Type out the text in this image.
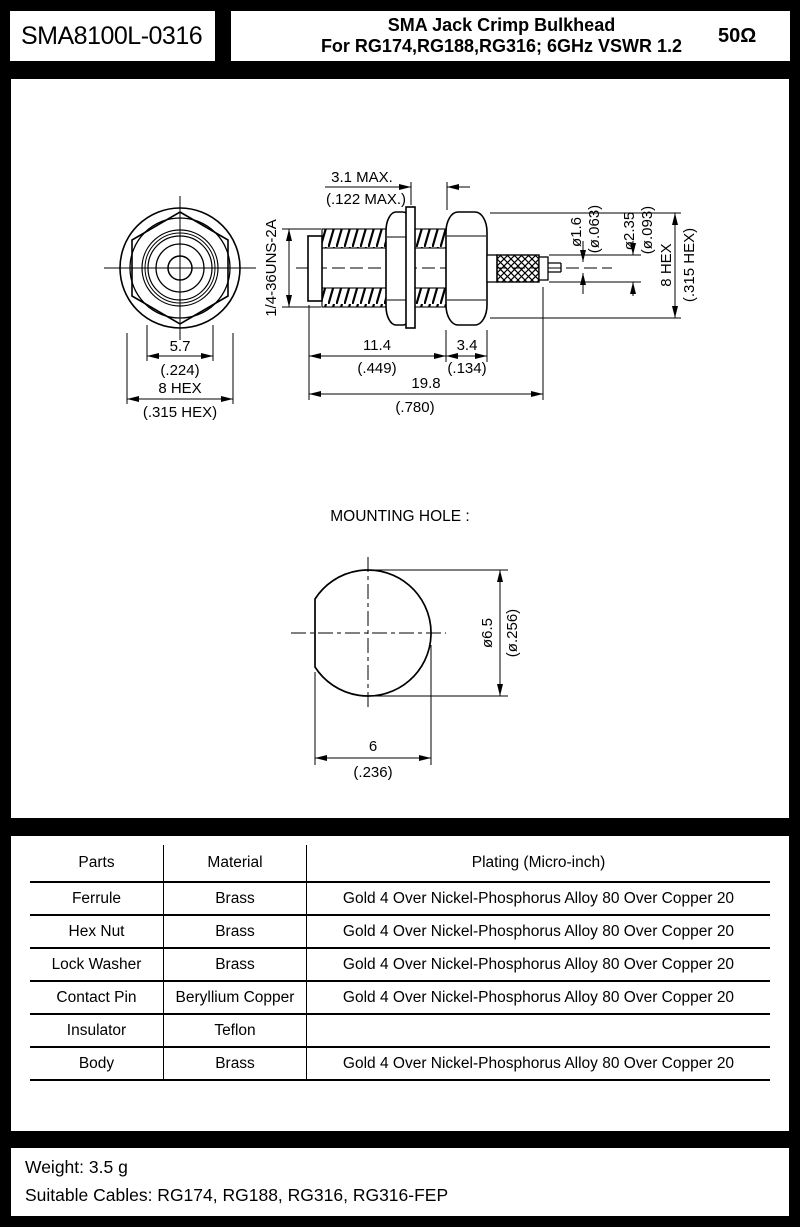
SMA8100L-0316	SMA Jack Crimp Bulkhead
For RG174,RG188,RG316; 6GHz VSWR 1.2	50Ω
5.7
(.224)
8 HEX
(.315 HEX)
3.1 MAX.
(.122 MAX.)
1/4-36UNS-2A
11.4
(.449)
3.4
(.134)
19.8
(.780)
ø1.6 (ø.063) ø2.35 (ø.093)
8 HEX (.315 HEX)
MOUNTING HOLE :
ø6.5 (ø.256)
6
(.236)
Parts	Material	Plating (Micro-inch)
Ferrule	Brass	Gold 4 Over Nickel-Phosphorus Alloy 80 Over Copper 20
Hex Nut	Brass	Gold 4 Over Nickel-Phosphorus Alloy 80 Over Copper 20
Lock Washer	Brass	Gold 4 Over Nickel-Phosphorus Alloy 80 Over Copper 20
Contact Pin	Beryllium Copper	Gold 4 Over Nickel-Phosphorus Alloy 80 Over Copper 20
Insulator	Teflon
Body	Brass	Gold 4 Over Nickel-Phosphorus Alloy 80 Over Copper 20
Weight: 3.5 g
Suitable Cables: RG174, RG188, RG316, RG316-FEP
